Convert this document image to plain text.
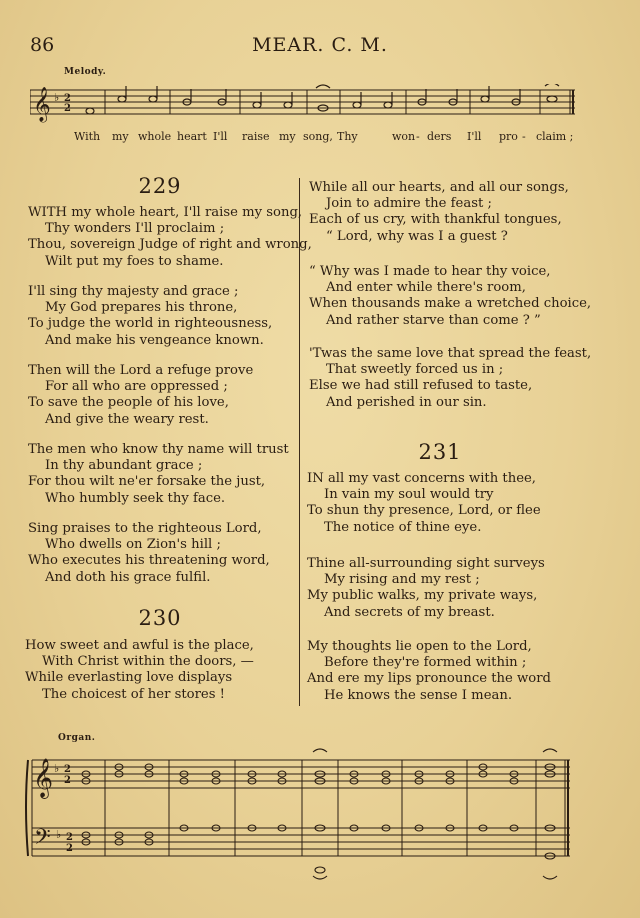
86	MEAR. C. M.
Melody.
𝄞 ♭ 2
2
With my whole heart I'll raise my song, Thy	won - ders I'll pro - claim ;
229
WITH my whole heart, I'll raise my song,
Thy wonders I'll proclaim ;
Thou, sovereign Judge of right and wrong,
Wilt put my foes to shame.
I'll sing thy majesty and grace ;
My God prepares his throne,
To judge the world in righteousness,
And make his vengeance known.
Then will the Lord a refuge prove
For all who are oppressed ;
To save the people of his love,
And give the weary rest.
The men who know thy name will trust
In thy abundant grace ;
For thou wilt ne'er forsake the just,
Who humbly seek thy face.
Sing praises to the righteous Lord,
Who dwells on Zion's hill ;
Who executes his threatening word,
And doth his grace fulfil.
230
How sweet and awful is the place,
With Christ within the doors, —
While everlasting love displays
The choicest of her stores !
While all our hearts, and all our songs,
Join to admire the feast ;
Each of us cry, with thankful tongues,
“ Lord, why was I a guest ?
“ Why was I made to hear thy voice,
And enter while there's room,
When thousands make a wretched choice,
And rather starve than come ? ”
'Twas the same love that spread the feast,
That sweetly forced us in ;
Else we had still refused to taste,
And perished in our sin.
231
IN all my vast concerns with thee,
In vain my soul would try
To shun thy presence, Lord, or flee
The notice of thine eye.
Thine all-surrounding sight surveys
My rising and my rest ;
My public walks, my private ways,
And secrets of my breast.
My thoughts lie open to the Lord,
Before they're formed within ;
And ere my lips pronounce the word
He knows the sense I mean.
Organ.
𝄞
𝄢
♭
♭
2
2
2
2
